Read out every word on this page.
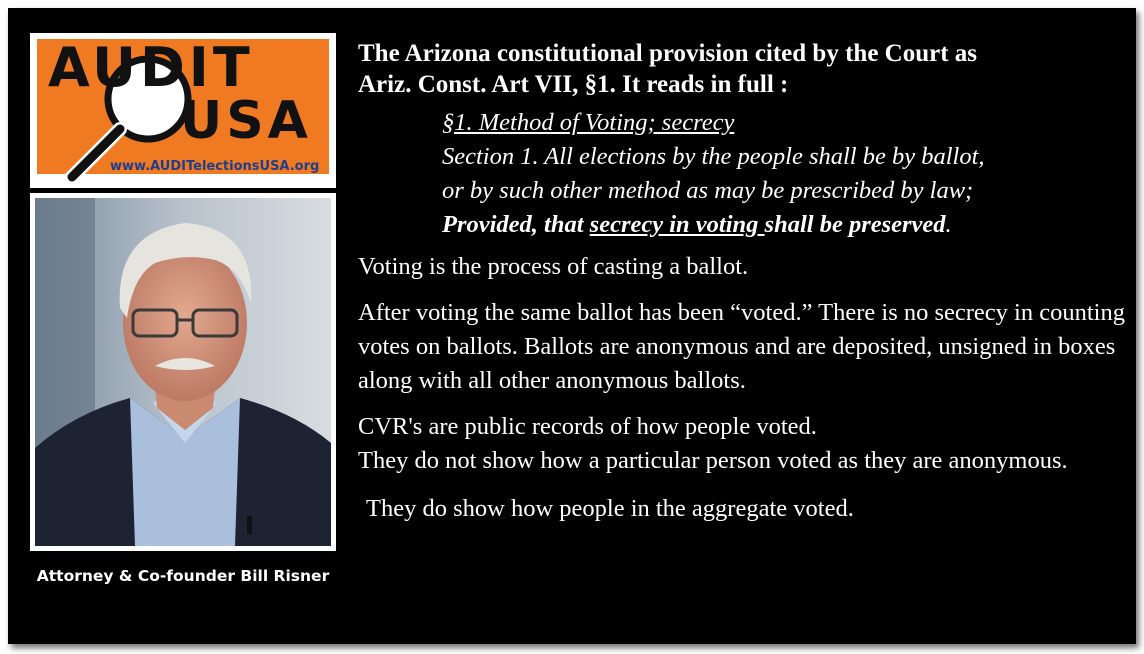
AUDIT
USA
www.AUDITelectionsUSA.org
Attorney & Co-founder Bill Risner
The Arizona constitutional provision cited by the Court as
Ariz. Const. Art VII, §1. It reads in full :
§1. Method of Voting; secrecy
Section 1. All elections by the people shall be by ballot,
or by such other method as may be prescribed by law;
Provided, that secrecy in voting shall be preserved.

Voting is the process of casting a ballot.

After voting the same ballot has been “voted.” There is no secrecy in counting votes on ballots. Ballots are anonymous and are deposited, unsigned in boxes along with all other anonymous ballots.

CVR's are public records of how people voted.

They do not show how a particular person voted as they are anonymous.

They do show how people in the aggregate voted.
